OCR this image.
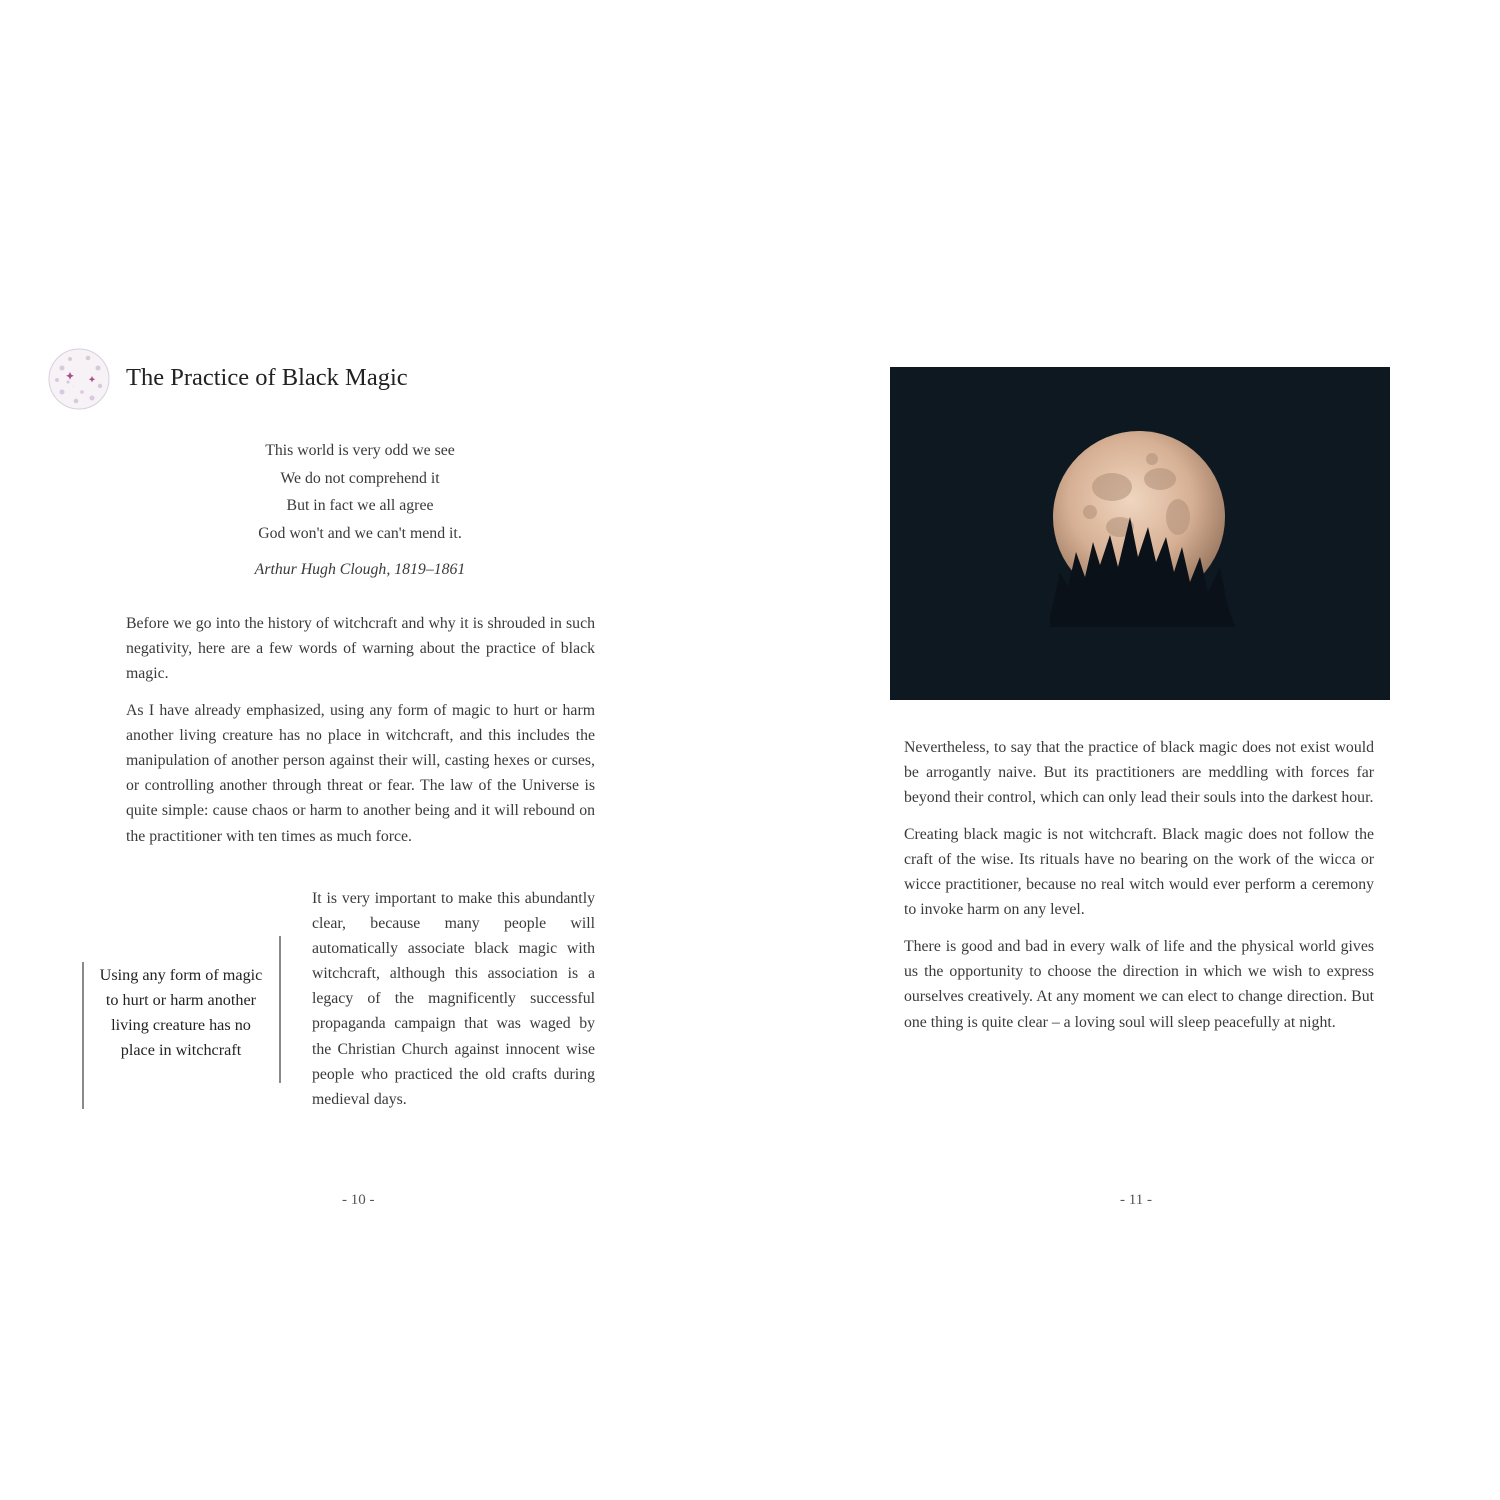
The Practice of Black Magic
This world is very odd we see
We do not comprehend it
But in fact we all agree
God won't and we can't mend it.
Arthur Hugh Clough, 1819–1861

Before we go into the history of witchcraft and why it is shrouded in such negativity, here are a few words of warning about the practice of black magic.

As I have already emphasized, using any form of magic to hurt or harm another living creature has no place in witchcraft, and this includes the manipulation of another person against their will, casting hexes or curses, or controlling another through threat or fear. The law of the Universe is quite simple: cause chaos or harm to another being and it will rebound on the practitioner with ten times as much force.

It is very important to make this abundantly clear, because many people will automatically associate black magic with witchcraft, although this association is a legacy of the magnificently successful propaganda campaign that was waged by the Christian Church against innocent wise people who practiced the old crafts during medieval days.

Using any form of magic to hurt or harm another living creature has no place in witchcraft
- 10 -

Nevertheless, to say that the practice of black magic does not exist would be arrogantly naive. But its practitioners are meddling with forces far beyond their control, which can only lead their souls into the darkest hour.

Creating black magic is not witchcraft. Black magic does not follow the craft of the wise. Its rituals have no bearing on the work of the wicca or wicce practitioner, because no real witch would ever perform a ceremony to invoke harm on any level.

There is good and bad in every walk of life and the physical world gives us the opportunity to choose the direction in which we wish to express ourselves creatively. At any moment we can elect to change direction. But one thing is quite clear – a loving soul will sleep peacefully at night.

- 11 -
